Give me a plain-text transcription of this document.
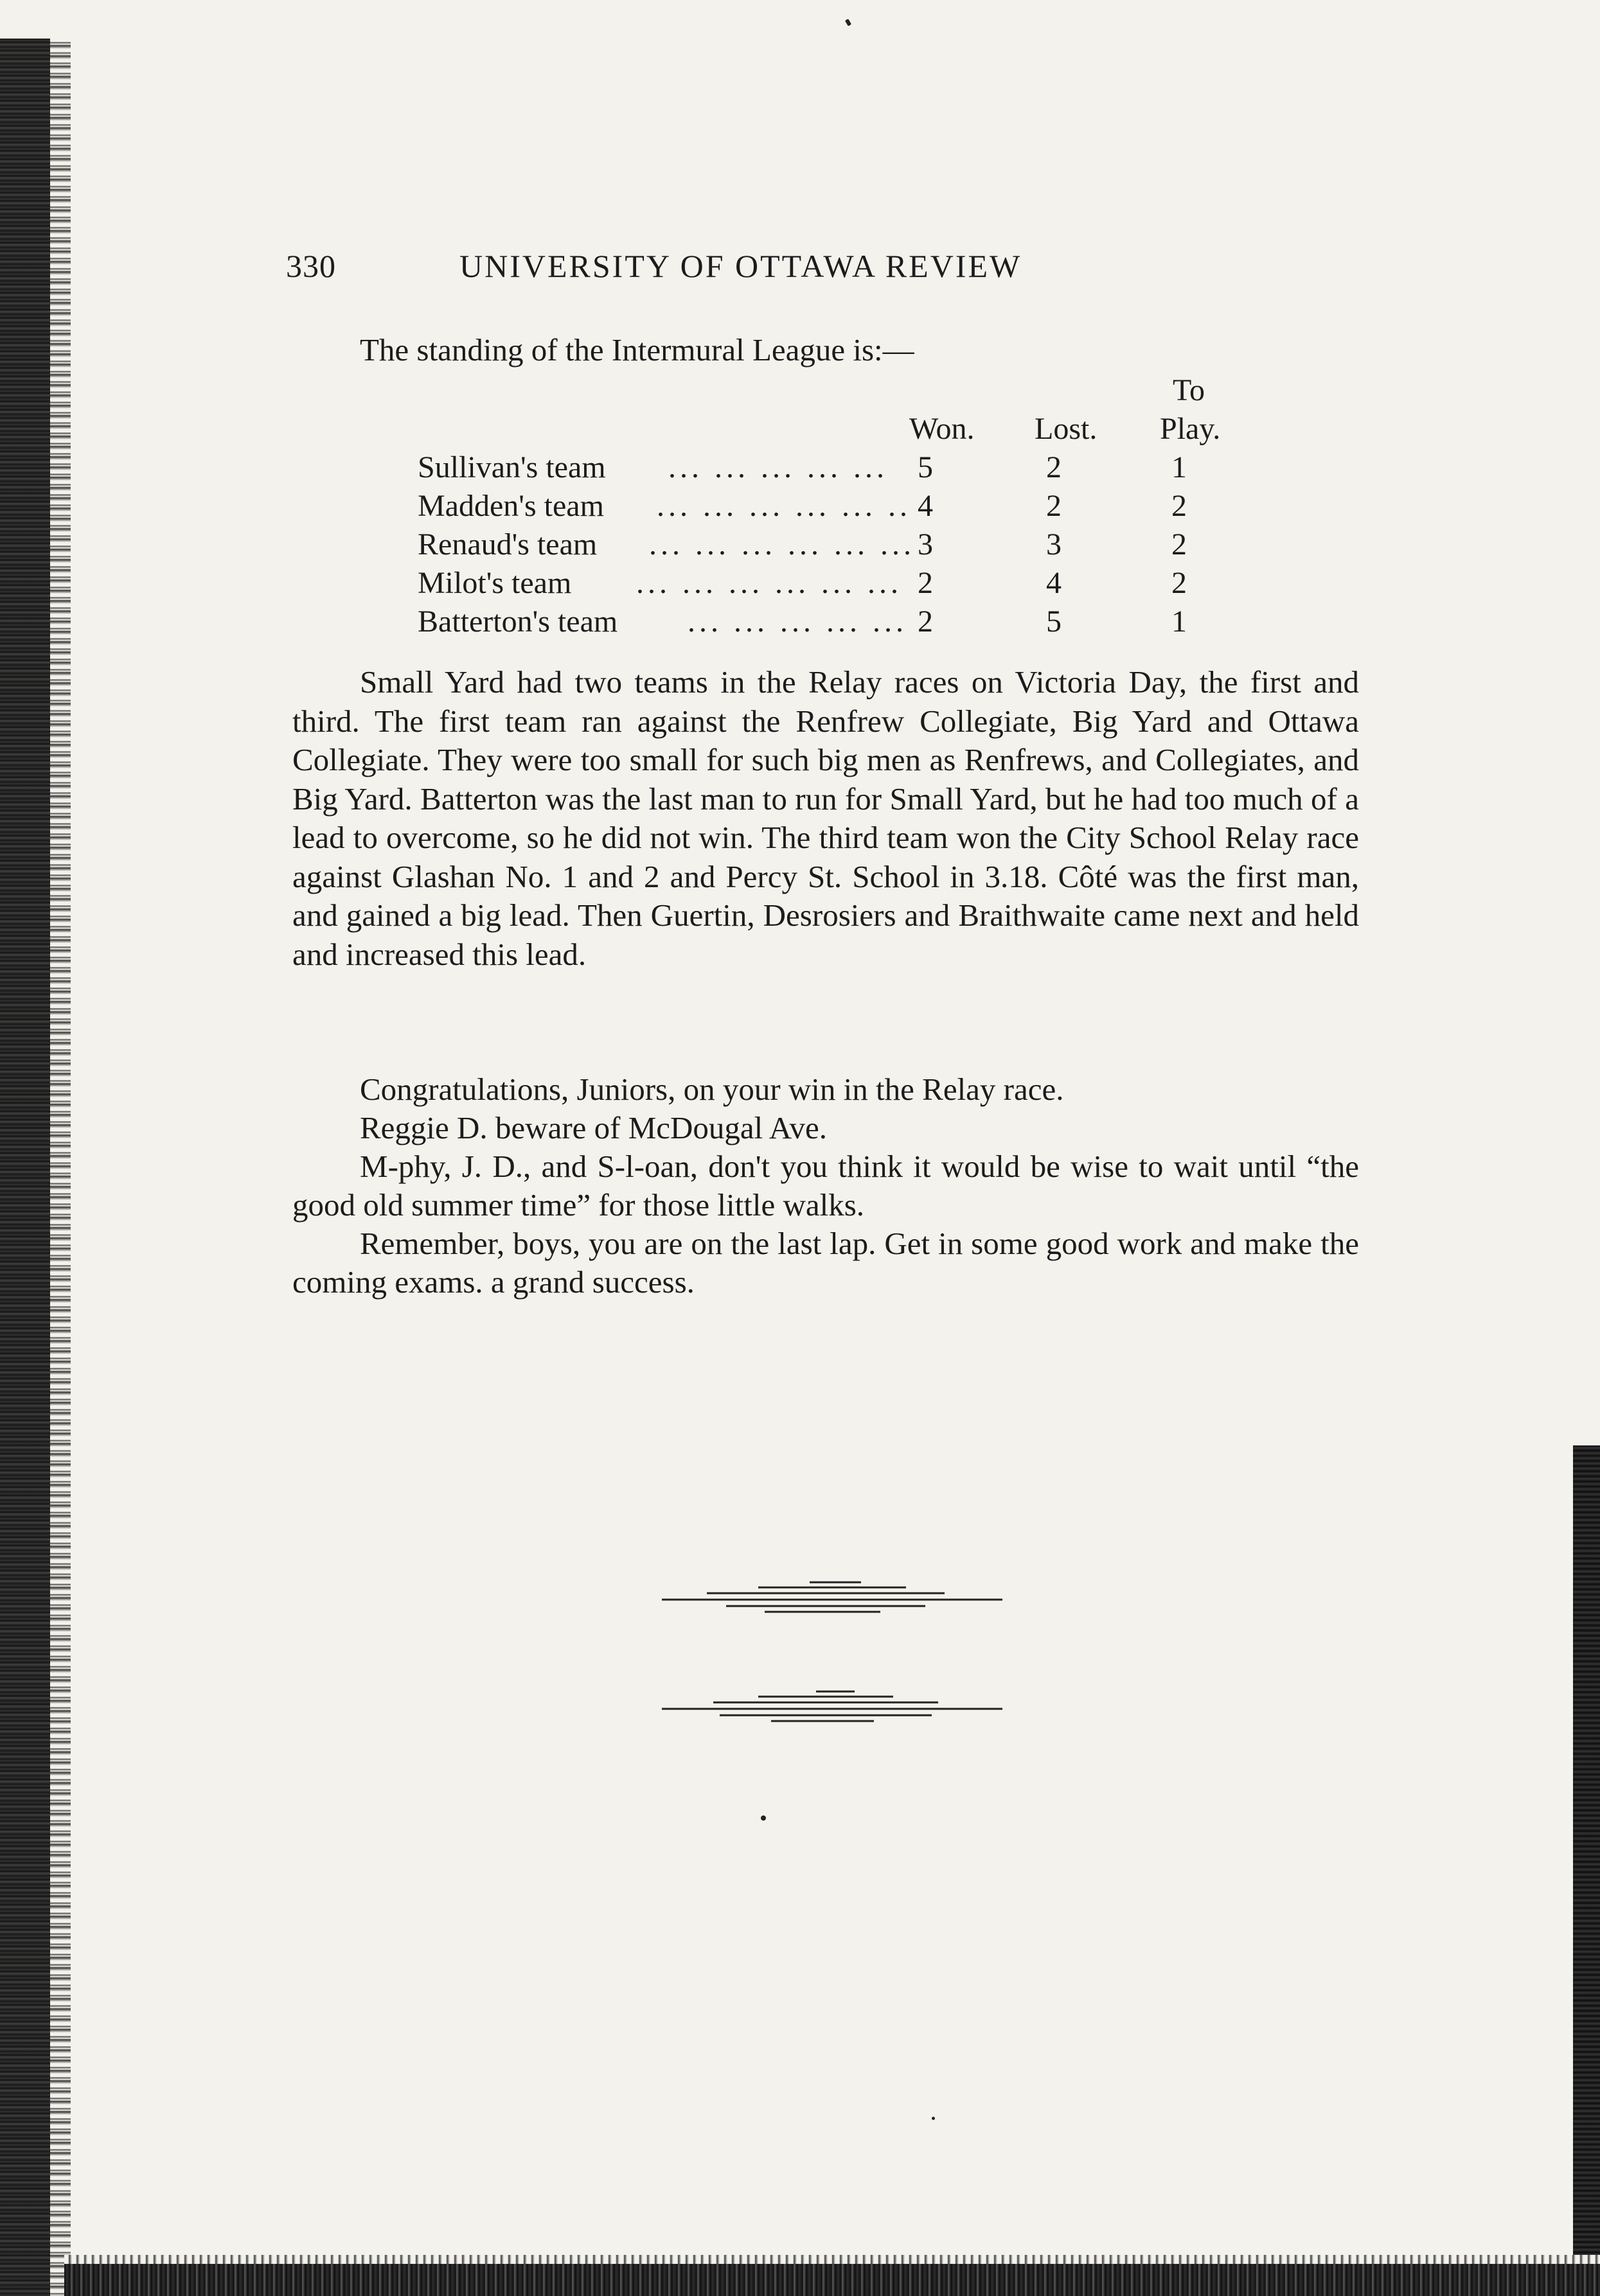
330	UNIVERSITY OF OTTAWA REVIEW

The standing of the Intermural League is:—

To
Won. Lost. Play.
Sullivan's team ... ... ... ... ... 5	2	1
Madden's team ... ... ... ... ... .. 4	2	2
Renaud's team ... ... ... ... ... ... 3	3	2
Milot's team ... ... ... ... ... ... 2	4	2
Batterton's team ... ... ... ... ... 2	5	1

Small Yard had two teams in the Relay races on Victoria Day, the first and third. The first team ran against the Renfrew Collegiate, Big Yard and Ottawa Collegiate. They were too small for such big men as Renfrews, and Collegiates, and Big Yard. Batterton was the last man to run for Small Yard, but he had too much of a lead to overcome, so he did not win. The third team won the City School Relay race against Glashan No. 1 and 2 and Percy St. School in 3.18. Côté was the first man, and gained a big lead. Then Guertin, Desrosiers and Braithwaite came next and held and increased this lead.

Congratulations, Juniors, on your win in the Relay race.

Reggie D. beware of McDougal Ave.

M-phy, J. D., and S-l-oan, don't you think it would be wise to wait until “the good old summer time” for those little walks.

Remember, boys, you are on the last lap. Get in some good work and make the coming exams. a grand success.
